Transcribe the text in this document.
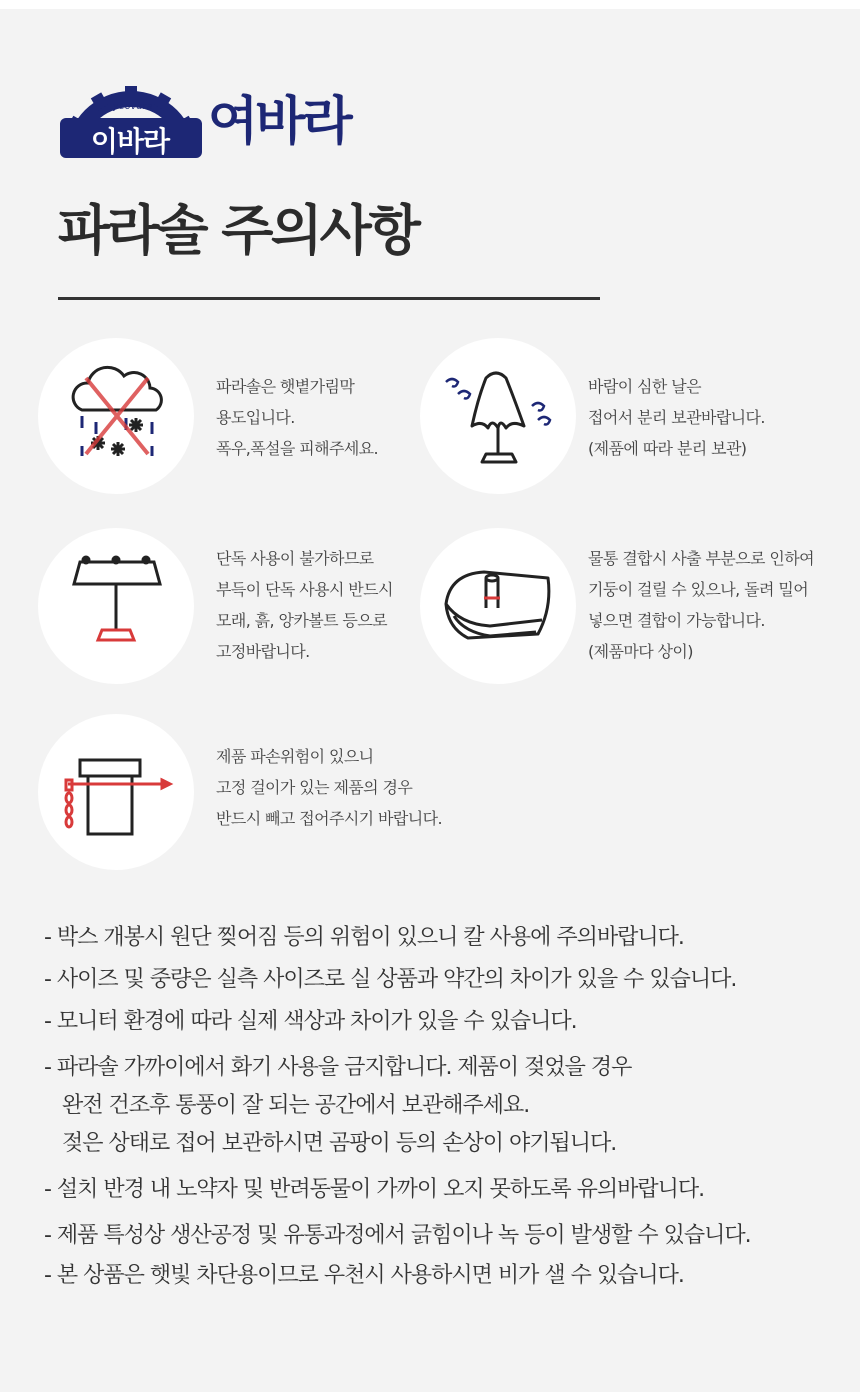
yeovara
이바라 여바라
파라솔 주의사항
파라솔은 햇볕가림막
용도입니다.
폭우,폭설을 피해주세요.
바람이 심한 날은
접어서 분리 보관바랍니다.
(제품에 따라 분리 보관)
단독 사용이 불가하므로
부득이 단독 사용시 반드시
모래, 흙, 앙카볼트 등으로
고정바랍니다.
물통 결합시 사출 부분으로 인하여
기둥이 걸릴 수 있으나, 돌려 밀어
넣으면 결합이 가능합니다.
(제품마다 상이)
제품 파손위험이 있으니
고정 걸이가 있는 제품의 경우
반드시 빼고 접어주시기 바랍니다.
- 박스 개봉시 원단 찢어짐 등의 위험이 있으니 칼 사용에 주의바랍니다.
- 사이즈 및 중량은 실측 사이즈로 실 상품과 약간의 차이가 있을 수 있습니다.
- 모니터 환경에 따라 실제 색상과 차이가 있을 수 있습니다.
- 파라솔 가까이에서 화기 사용을 금지합니다. 제품이 젖었을 경우
완전 건조후 통풍이 잘 되는 공간에서 보관해주세요.
젖은 상태로 접어 보관하시면 곰팡이 등의 손상이 야기됩니다.
- 설치 반경 내 노약자 및 반려동물이 가까이 오지 못하도록 유의바랍니다.
- 제품 특성상 생산공정 및 유통과정에서 긁힘이나 녹 등이 발생할 수 있습니다.
- 본 상품은 햇빛 차단용이므로 우천시 사용하시면 비가 샐 수 있습니다.
